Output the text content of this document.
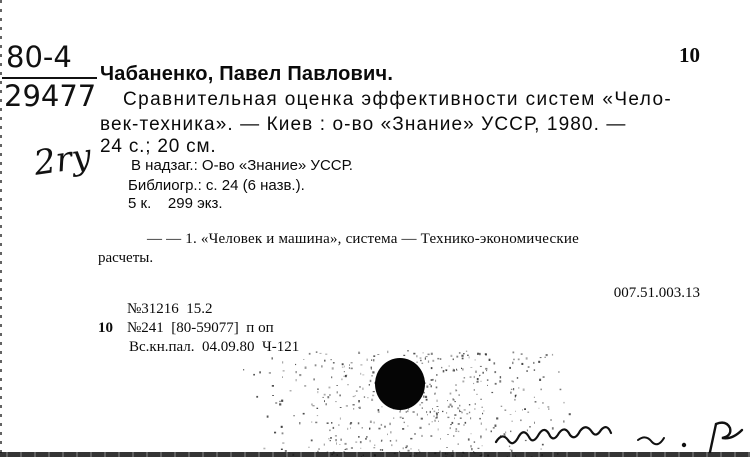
80-4
29477
2ry
10
Чабаненко, Павел Павлович.
Сравнительная оценка эффективности систем «Чело-
век-техника». — Киев : о-во «Знание» УССР, 1980. —
24 с.; 20 см.
В надзаг.: О-во «Знание» УССР.
Библиогр.: с. 24 (6 назв.).
5 к.    299 экз.
— — 1. «Человек и машина», система — Технико-экономические
расчеты.
007.51.003.13
№31216  15.2
10 №241  [80-59077]  п оп
Вс.кн.пал.  04.09.80  Ч-121
